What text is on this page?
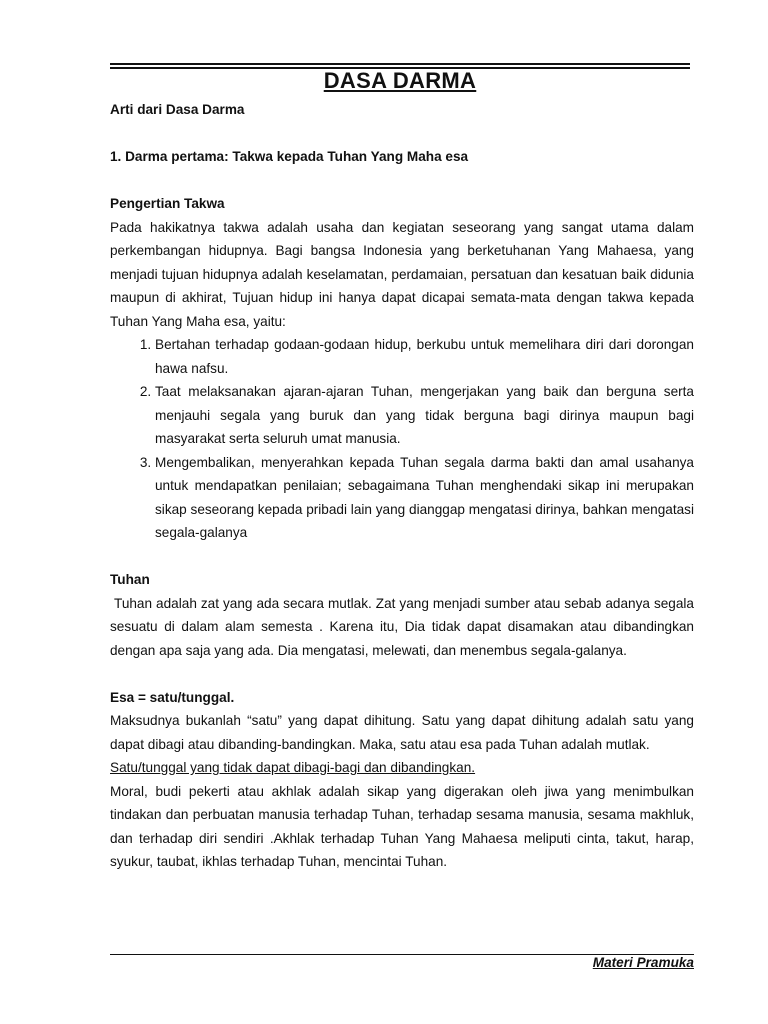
DASA DARMA

Arti dari Dasa Darma

1. Darma pertama: Takwa kepada Tuhan Yang Maha esa

Pengertian Takwa

Pada hakikatnya takwa adalah usaha dan kegiatan seseorang yang sangat utama dalam perkembangan hidupnya. Bagi bangsa Indonesia yang berketuhanan Yang Mahaesa, yang menjadi tujuan hidupnya adalah keselamatan, perdamaian, persatuan dan kesatuan baik didunia maupun di akhirat, Tujuan hidup ini hanya dapat dicapai semata-mata dengan takwa kepada Tuhan Yang Maha esa, yaitu:

1. Bertahan terhadap godaan-godaan hidup, berkubu untuk memelihara diri dari dorongan hawa nafsu.
2. Taat melaksanakan ajaran-ajaran Tuhan, mengerjakan yang baik dan berguna serta menjauhi segala yang buruk dan yang tidak berguna bagi dirinya maupun bagi masyarakat serta seluruh umat manusia.
3. Mengembalikan, menyerahkan kepada Tuhan segala darma bakti dan amal usahanya untuk mendapatkan penilaian; sebagaimana Tuhan menghendaki sikap ini merupakan sikap seseorang kepada pribadi lain yang dianggap mengatasi dirinya, bahkan mengatasi segala-galanya

Tuhan

Tuhan adalah zat yang ada secara mutlak. Zat yang menjadi sumber atau sebab adanya segala sesuatu di dalam alam semesta . Karena itu, Dia tidak dapat disamakan atau dibandingkan dengan apa saja yang ada. Dia mengatasi, melewati, dan menembus segala-galanya.

Esa = satu/tunggal.

Maksudnya bukanlah “satu” yang dapat dihitung. Satu yang dapat dihitung adalah satu yang dapat dibagi atau dibanding-bandingkan. Maka, satu atau esa pada Tuhan adalah mutlak.

Satu/tunggal yang tidak dapat dibagi-bagi dan dibandingkan.

Moral, budi pekerti atau akhlak adalah sikap yang digerakan oleh jiwa yang menimbulkan tindakan dan perbuatan manusia terhadap Tuhan, terhadap sesama manusia, sesama makhluk, dan terhadap diri sendiri .Akhlak terhadap Tuhan Yang Mahaesa meliputi cinta, takut, harap, syukur, taubat, ikhlas terhadap Tuhan, mencintai Tuhan.

Materi Pramuka
